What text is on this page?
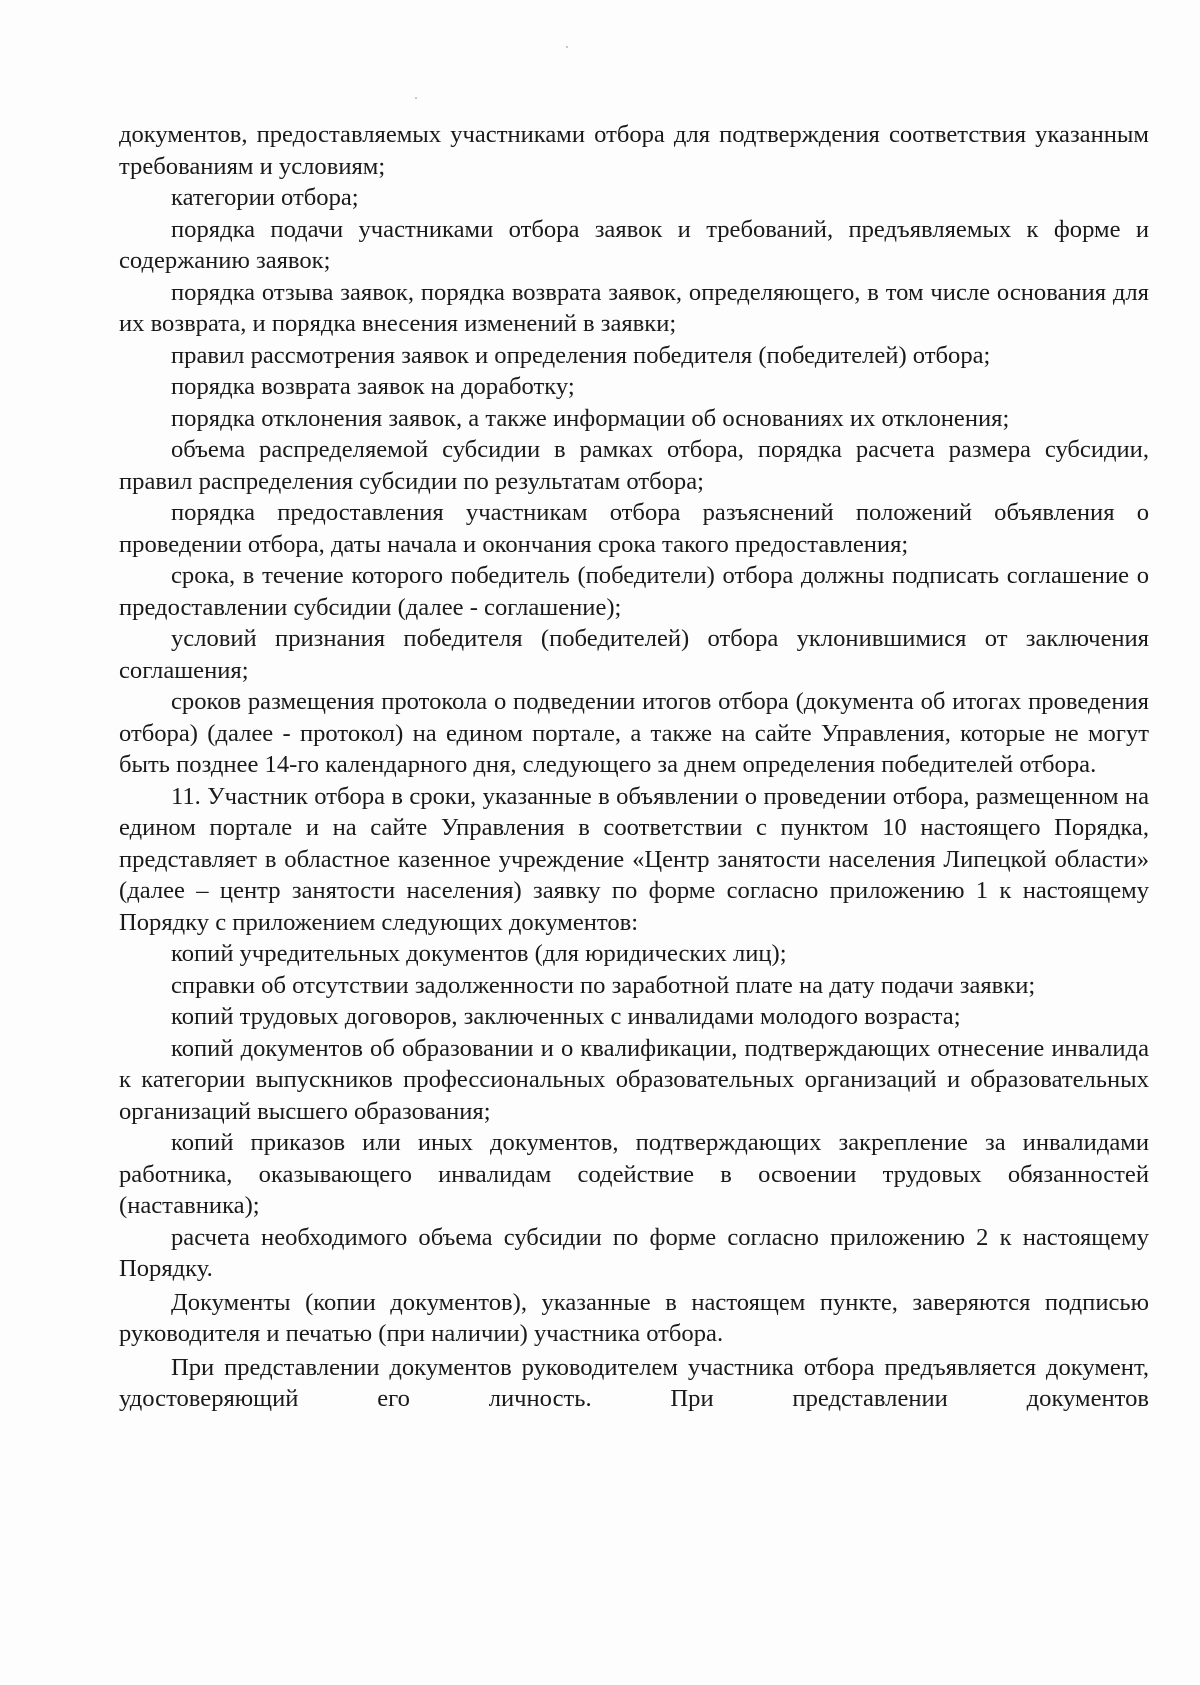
документов, предоставляемых участниками отбора для подтверждения соответствия указанным требованиям и условиям;

категории отбора;

порядка подачи участниками отбора заявок и требований, предъявляемых к форме и содержанию заявок;

порядка отзыва заявок, порядка возврата заявок, определяющего, в том числе основания для их возврата, и порядка внесения изменений в заявки;

правил рассмотрения заявок и определения победителя (победителей) отбора;

порядка возврата заявок на доработку;

порядка отклонения заявок, а также информации об основаниях их отклонения;

объема распределяемой субсидии в рамках отбора, порядка расчета размера субсидии, правил распределения субсидии по результатам отбора;

порядка предоставления участникам отбора разъяснений положений объявления о проведении отбора, даты начала и окончания срока такого предоставления;

срока, в течение которого победитель (победители) отбора должны подписать соглашение о предоставлении субсидии (далее - соглашение);

условий признания победителя (победителей) отбора уклонившимися от заключения соглашения;

сроков размещения протокола о подведении итогов отбора (документа об итогах проведения отбора) (далее - протокол) на едином портале, а также на сайте Управления, которые не могут быть позднее 14-го календарного дня, следующего за днем определения победителей отбора.

11. Участник отбора в сроки, указанные в объявлении о проведении отбора, размещенном на едином портале и на сайте Управления в соответствии с пунктом 10 настоящего Порядка, представляет в областное казенное учреждение «Центр занятости населения Липецкой области» (далее – центр занятости населения) заявку по форме согласно приложению 1 к настоящему Порядку с приложением следующих документов:

копий учредительных документов (для юридических лиц);

справки об отсутствии задолженности по заработной плате на дату подачи заявки;

копий трудовых договоров, заключенных с инвалидами молодого возраста;

копий документов об образовании и о квалификации, подтверждающих отнесение инвалида к категории выпускников профессиональных образовательных организаций и образовательных организаций высшего образования;

копий приказов или иных документов, подтверждающих закрепление за инвалидами работника, оказывающего инвалидам содействие в освоении трудовых обязанностей (наставника);

расчета необходимого объема субсидии по форме согласно приложению 2 к настоящему Порядку.

Документы (копии документов), указанные в настоящем пункте, заверяются подписью руководителя и печатью (при наличии) участника отбора.

При представлении документов руководителем участника отбора предъявляется документ, удостоверяющий его личность. При представлении документов
